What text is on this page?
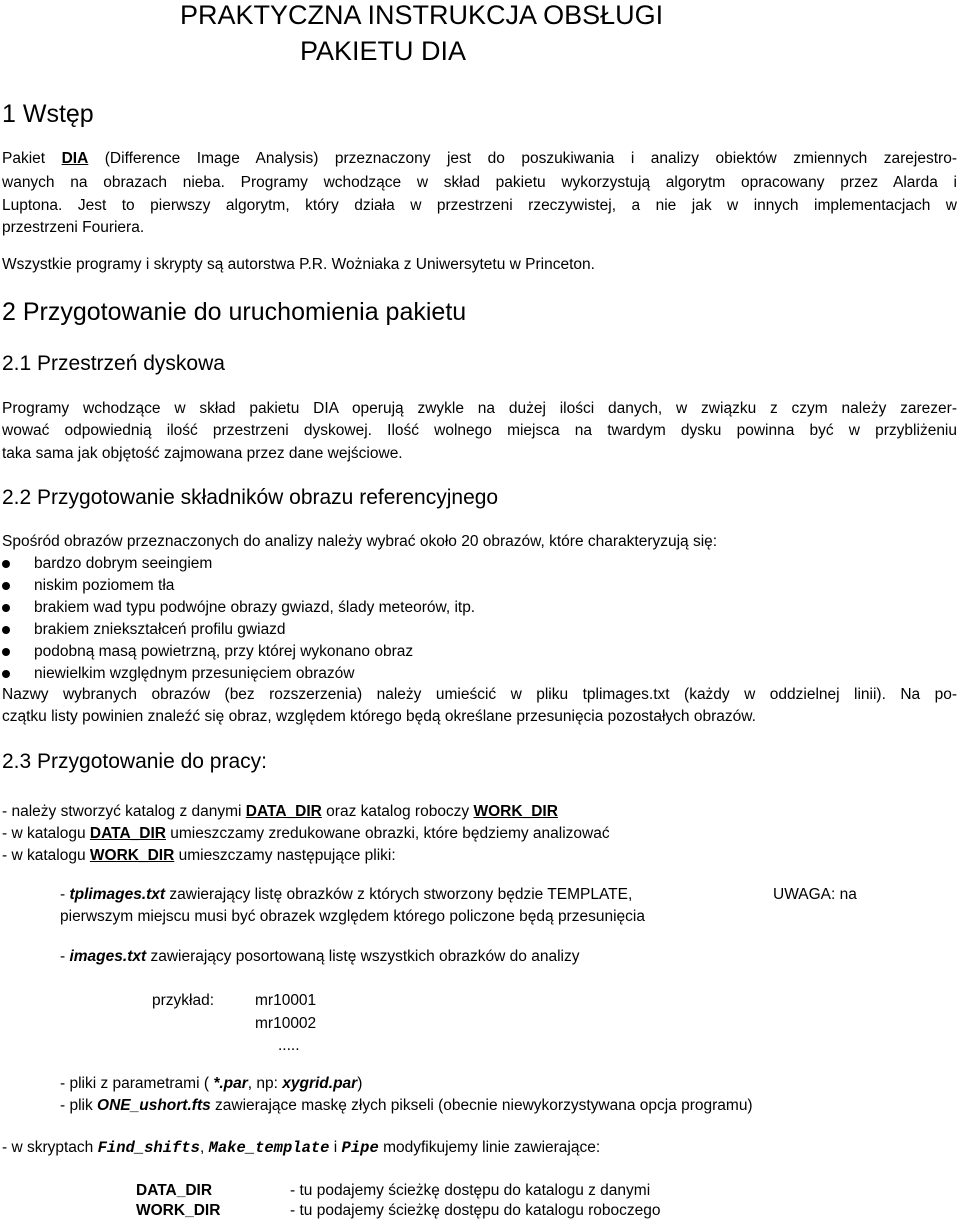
PRAKTYCZNA INSTRUKCJA OBSŁUGI
PAKIETU DIA
1 Wstęp
Pakiet DIA (Difference Image Analysis) przeznaczony jest do poszukiwania i analizy obiektów zmiennych zarejestro-
wanych na obrazach nieba. Programy wchodzące w skład pakietu wykorzystują algorytm opracowany przez Alarda i
Luptona. Jest to pierwszy algorytm, który działa w przestrzeni rzeczywistej, a nie jak w innych implementacjach w
przestrzeni Fouriera.
Wszystkie programy i skrypty są autorstwa P.R. Wożniaka z Uniwersytetu w Princeton.
2 Przygotowanie do uruchomienia pakietu
2.1 Przestrzeń dyskowa
Programy wchodzące w skład pakietu DIA operują zwykle na dużej ilości danych, w związku z czym należy zarezer-
wować odpowiednią ilość przestrzeni dyskowej. Ilość wolnego miejsca na twardym dysku powinna być w przybliżeniu
taka sama jak objętość zajmowana przez dane wejściowe.
2.2 Przygotowanie składników obrazu referencyjnego
Spośród obrazów przeznaczonych do analizy należy wybrać około 20 obrazów, które charakteryzują się:
bardzo dobrym seeingiem
niskim poziomem tła
brakiem wad typu podwójne obrazy gwiazd, ślady meteorów, itp.
brakiem zniekształceń profilu gwiazd
podobną masą powietrzną, przy której wykonano obraz
niewielkim względnym przesunięciem obrazów
Nazwy wybranych obrazów (bez rozszerzenia) należy umieścić w pliku tplimages.txt (każdy w oddzielnej linii). Na po-
czątku listy powinien znaleźć się obraz, względem którego będą określane przesunięcia pozostałych obrazów.
2.3 Przygotowanie do pracy:
- należy stworzyć katalog z danymi DATA_DIR oraz katalog roboczy WORK_DIR
- w katalogu DATA_DIR umieszczamy zredukowane obrazki, które będziemy analizować
- w katalogu WORK_DIR umieszczamy następujące pliki:
- tplimages.txt zawierający listę obrazków z których stworzony będzie TEMPLATE,	UWAGA: na
pierwszym miejscu musi być obrazek względem którego policzone będą przesunięcia
- images.txt zawierający posortowaną listę wszystkich obrazków do analizy
przykład:	mr10001
mr10002
.....
- pliki z parametrami ( *.par, np: xygrid.par)
- plik ONE_ushort.fts zawierające maskę złych pikseli (obecnie niewykorzystywana opcja programu)
- w skryptach Find_shifts, Make_template i Pipe modyfikujemy linie zawierające:
DATA_DIR	- tu podajemy ścieżkę dostępu do katalogu z danymi
WORK_DIR	- tu podajemy ścieżkę dostępu do katalogu roboczego
